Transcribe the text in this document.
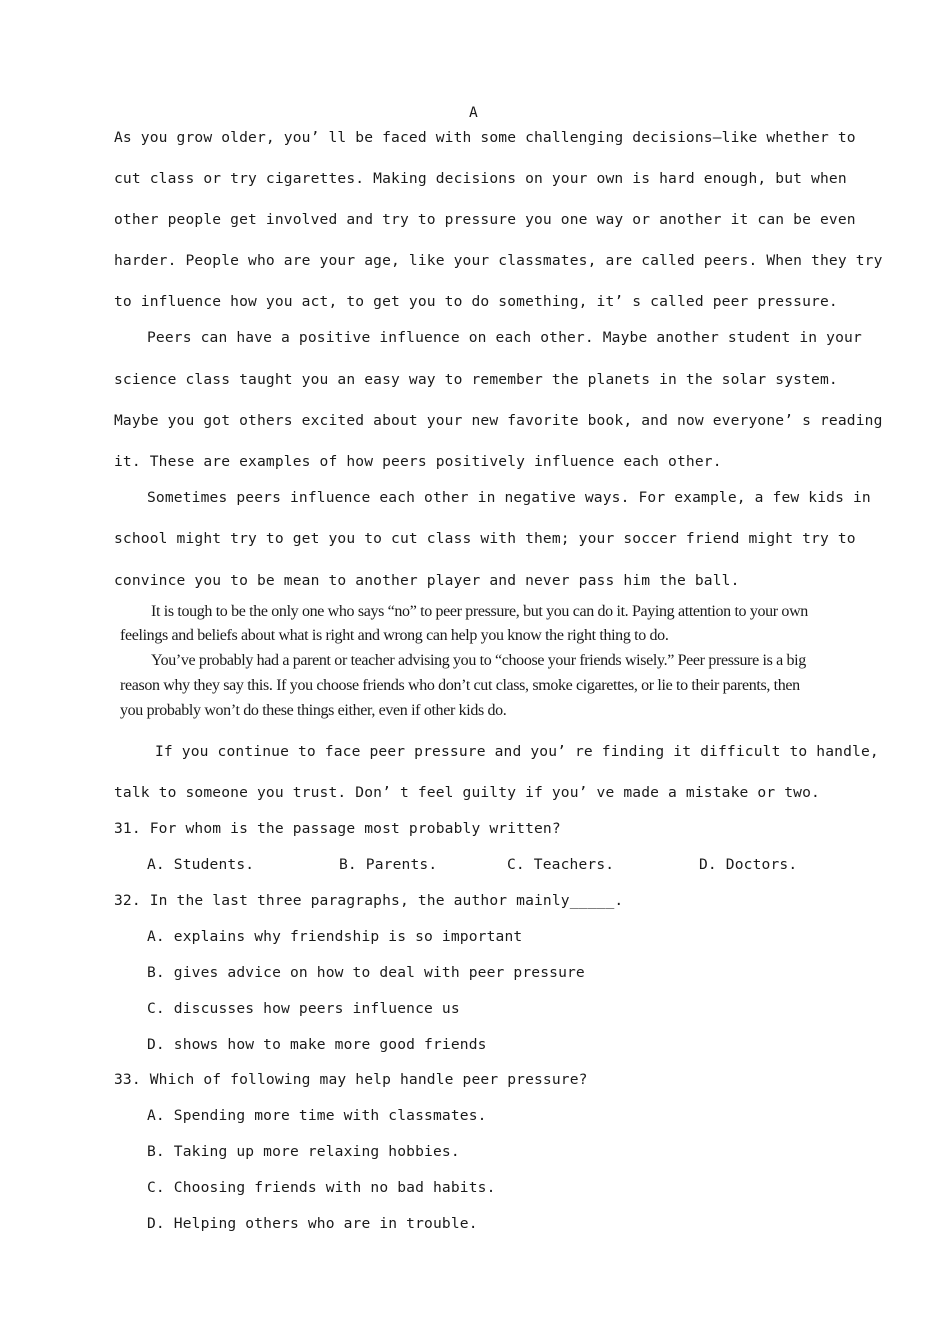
A
As you grow older, you’ ll be faced with some challenging decisions—like whether to
cut class or try cigarettes. Making decisions on your own is hard enough, but when
other people get involved and try to pressure you one way or another it can be even
harder. People who are your age, like your classmates, are called peers. When they try
to influence how you act, to get you to do something, it’ s called peer pressure.
Peers can have a positive influence on each other. Maybe another student in your
science class taught you an easy way to remember the planets in the solar system.
Maybe you got others excited about your new favorite book, and now everyone’ s reading
it. These are examples of how peers positively influence each other.
Sometimes peers influence each other in negative ways. For example, a few kids in
school might try to get you to cut class with them; your soccer friend might try to
convince you to be mean to another player and never pass him the ball.
It is tough to be the only one who says “no” to peer pressure, but you can do it. Paying attention to your own
feelings and beliefs about what is right and wrong can help you know the right thing to do.
You’ve probably had a parent or teacher advising you to “choose your friends wisely.” Peer pressure is a big
reason why they say this. If you choose friends who don’t cut class, smoke cigarettes, or lie to their parents, then
you probably won’t do these things either, even if other kids do.
If you continue to face peer pressure and you’ re finding it difficult to handle,
talk to someone you trust. Don’ t feel guilty if you’ ve made a mistake or two.
31. For whom is the passage most probably written?
A. Students.	B. Parents.	C. Teachers.	D. Doctors.
32. In the last three paragraphs, the author mainly_____.
A. explains why friendship is so important
B. gives advice on how to deal with peer pressure
C. discusses how peers influence us
D. shows how to make more good friends
33. Which of following may help handle peer pressure?
A. Spending more time with classmates.
B. Taking up more relaxing hobbies.
C. Choosing friends with no bad habits.
D. Helping others who are in trouble.
